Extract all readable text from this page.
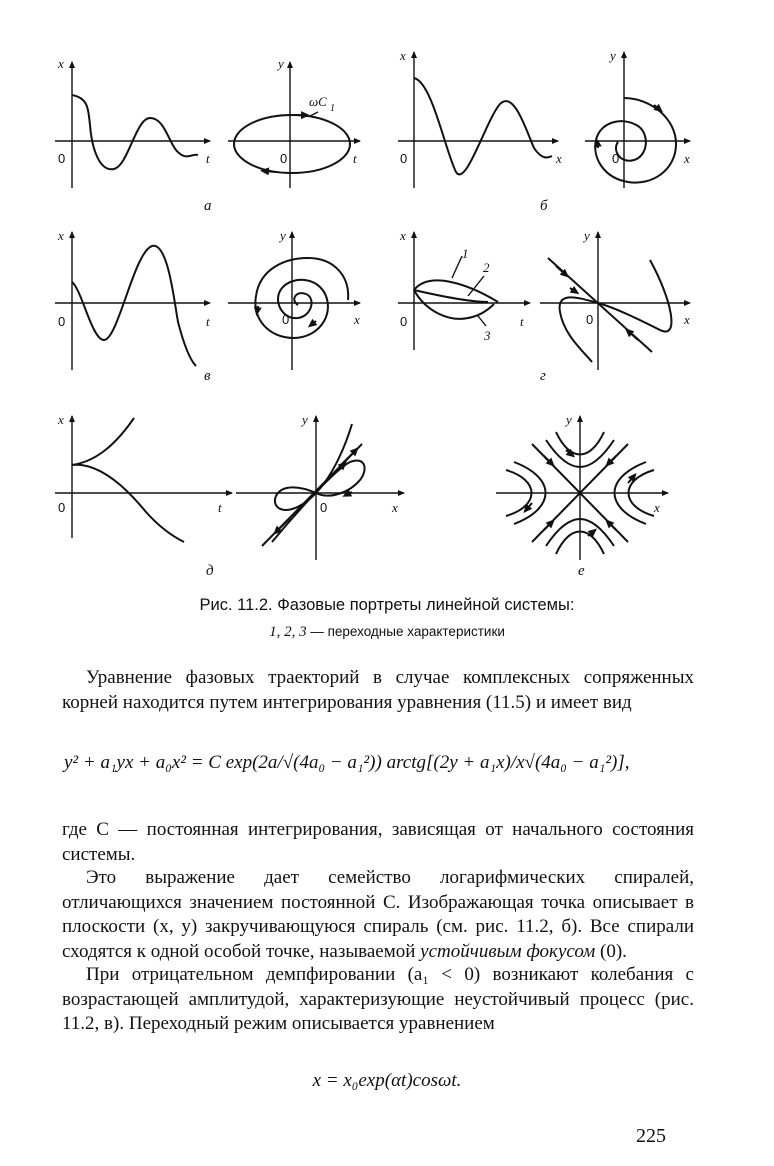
x
0	t
y
0	t
ωC 1
а
x
0	x
y
0	x
б
x
0	t
y
0	x
в
x
0	t
1
2
3
y
0	x
г
x
0	t
y
0	x
д
y
x
е
Рис. 11.2. Фазовые портреты линейной системы:
1, 2, 3 — переходные характеристики
Уравнение фазовых траекторий в случае комплексных сопряженных корней находится путем интегрирования уравнения (11.5) и имеет вид
y² + a₁yx + a₀x² = C exp(2a/√(4a₀ − a₁²)) arctg[(2y + a₁x)/x√(4a₀ − a₁²)],
где C — постоянная интегрирования, зависящая от начального состояния системы.
Это выражение дает семейство логарифмических спиралей, отличающихся значением постоянной C. Изображающая точка описывает в плоскости (x, y) закручивающуюся спираль (см. рис. 11.2, б). Все спирали сходятся к одной особой точке, называемой устойчивым фокусом (0).
При отрицательном демпфировании (a₁ < 0) возникают колебания с возрастающей амплитудой, характеризующие неустойчивый процесс (рис. 11.2, в). Переходный режим описывается уравнением
x = x₀exp(αt)cosωt.
225
